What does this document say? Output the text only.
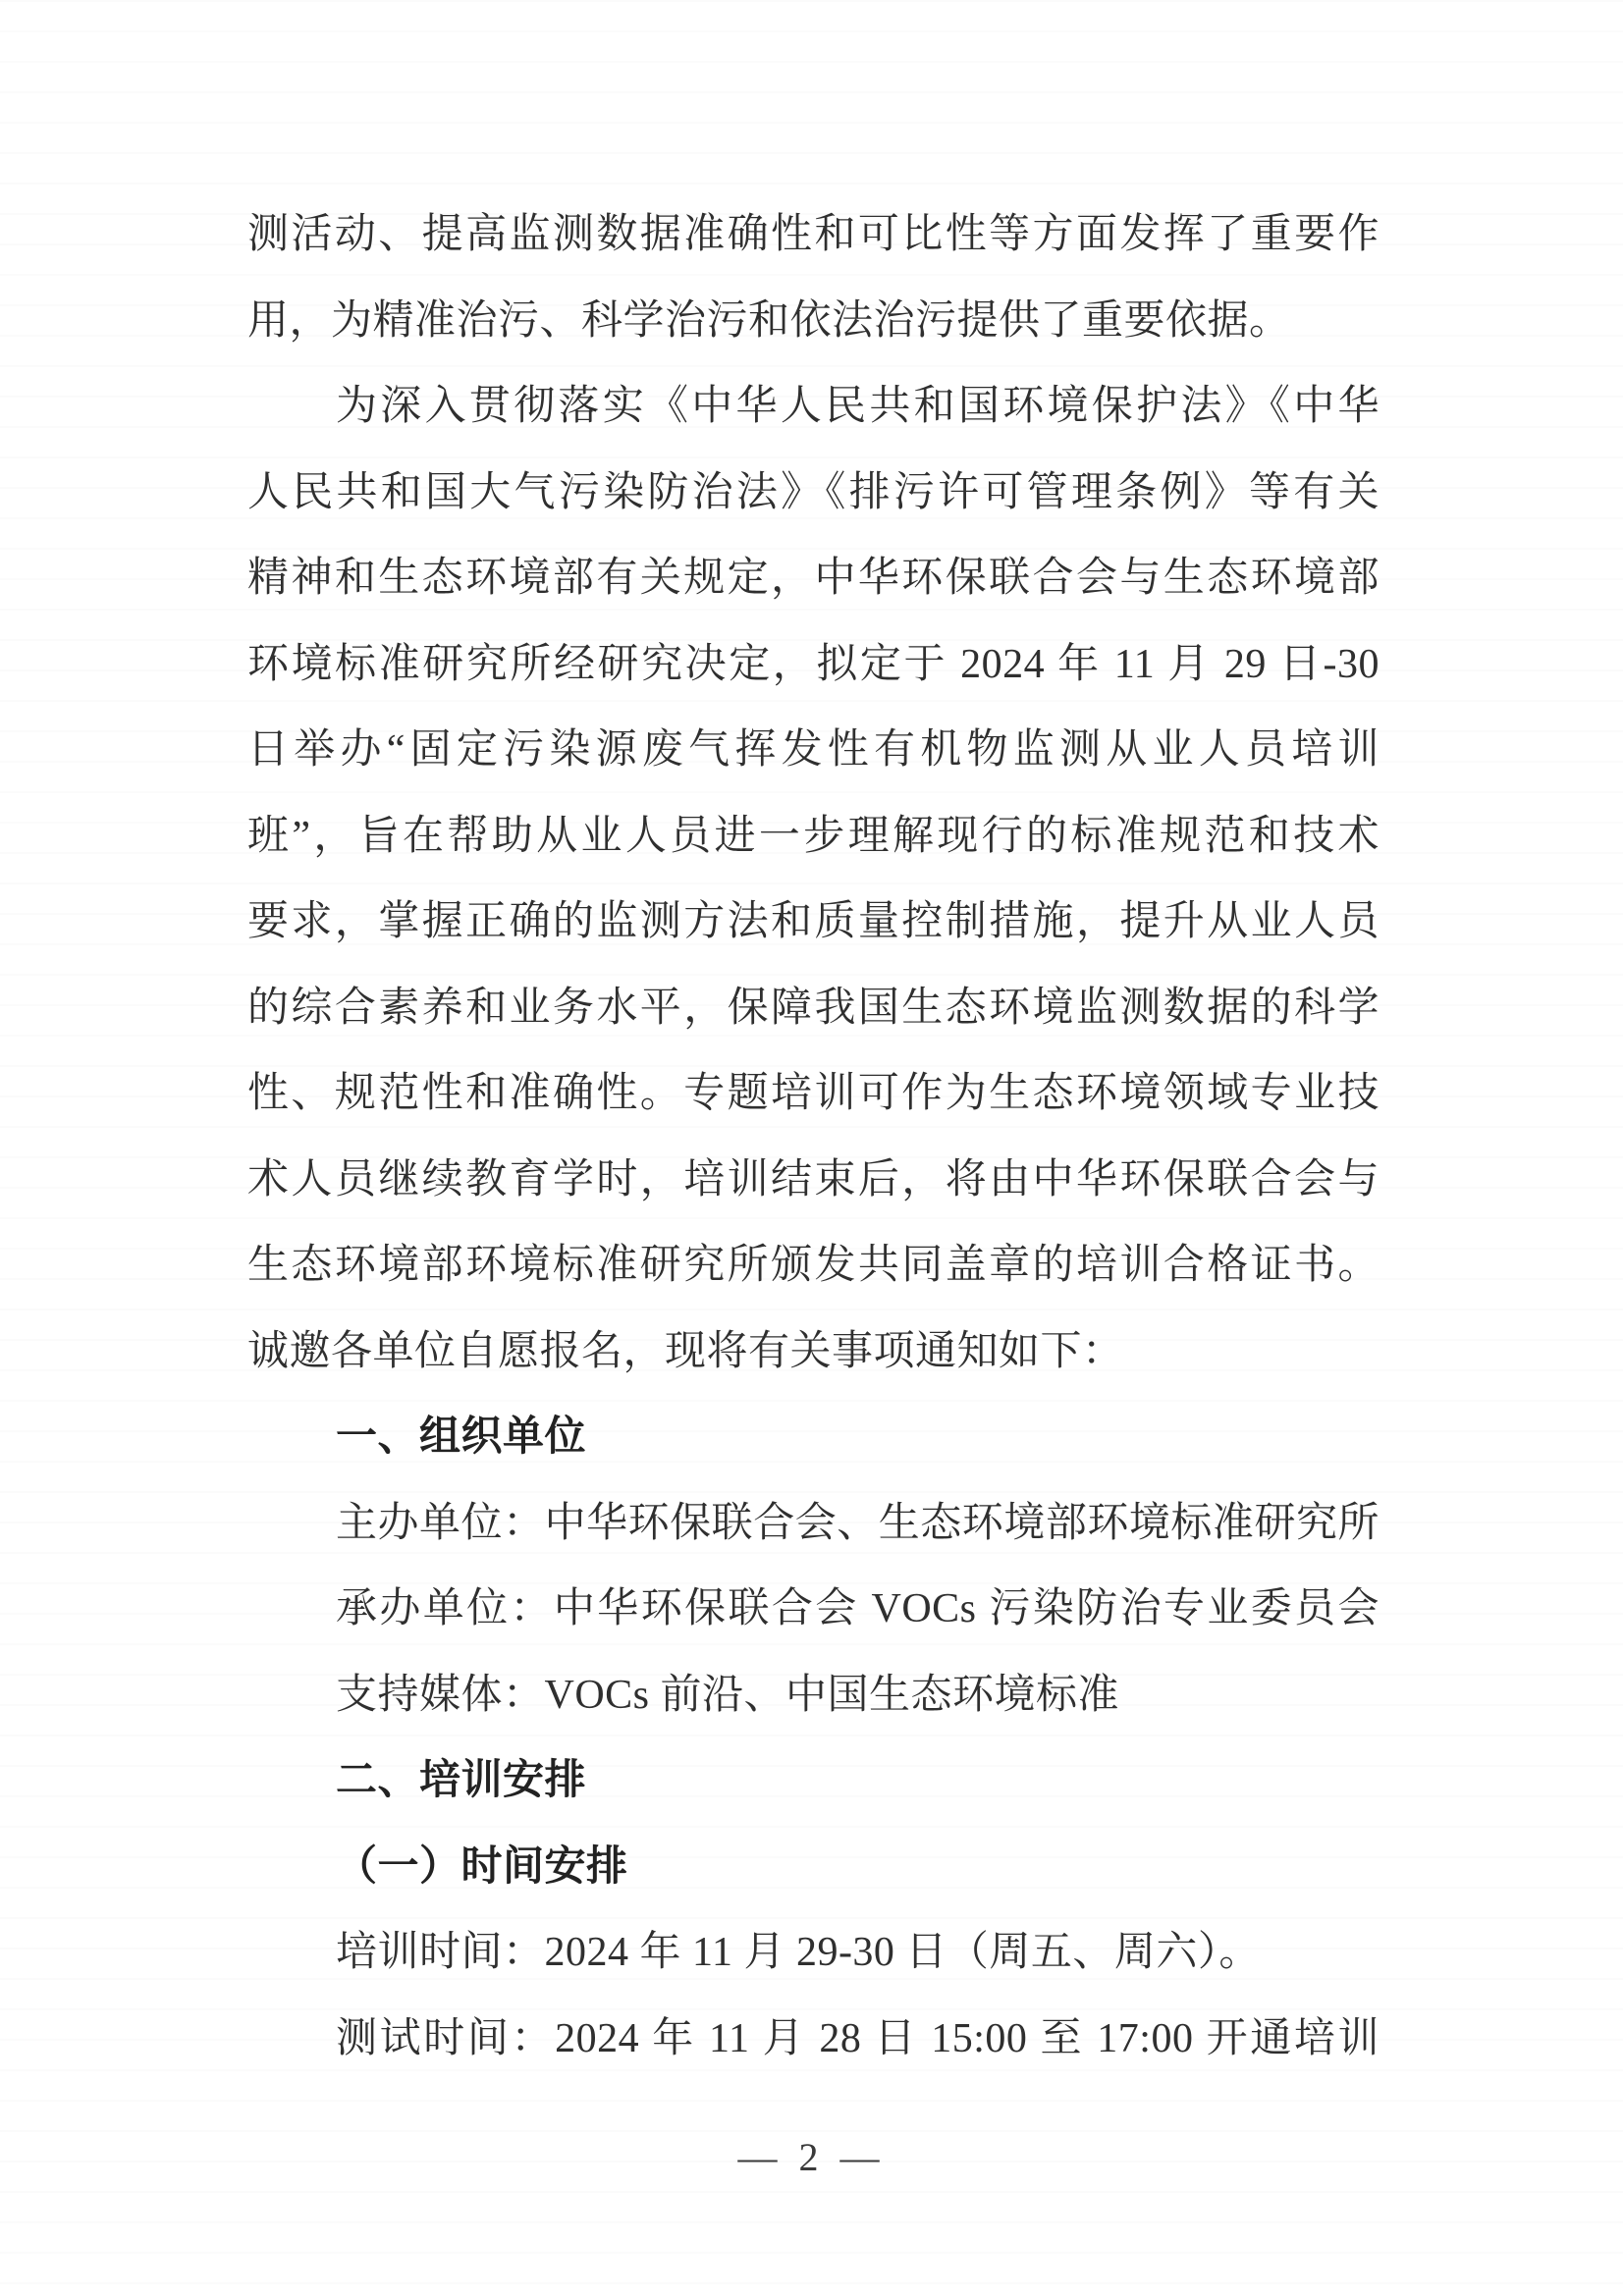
测活动、提高监测数据准确性和可比性等方面发挥了重要作
用，为精准治污、科学治污和依法治污提供了重要依据。
为深入贯彻落实《中华人民共和国环境保护法》《中华
人民共和国大气污染防治法》《排污许可管理条例》等有关
精神和生态环境部有关规定，中华环保联合会与生态环境部
环境标准研究所经研究决定，拟定于 2024 年 11 月 29 日-30
日举办“固定污染源废气挥发性有机物监测从业人员培训
班”，旨在帮助从业人员进一步理解现行的标准规范和技术
要求，掌握正确的监测方法和质量控制措施，提升从业人员
的综合素养和业务水平，保障我国生态环境监测数据的科学
性、规范性和准确性。专题培训可作为生态环境领域专业技
术人员继续教育学时，培训结束后，将由中华环保联合会与
生态环境部环境标准研究所颁发共同盖章的培训合格证书。
诚邀各单位自愿报名，现将有关事项通知如下：
一、组织单位
主办单位：中华环保联合会、生态环境部环境标准研究所
承办单位：中华环保联合会 VOCs 污染防治专业委员会
支持媒体：VOCs 前沿、中国生态环境标准
二、培训安排
（一）时间安排
培训时间：2024 年 11 月 29-30 日（周五、周六）。
测试时间：2024 年 11 月 28 日 15:00 至 17:00 开通培训
— 2 —
